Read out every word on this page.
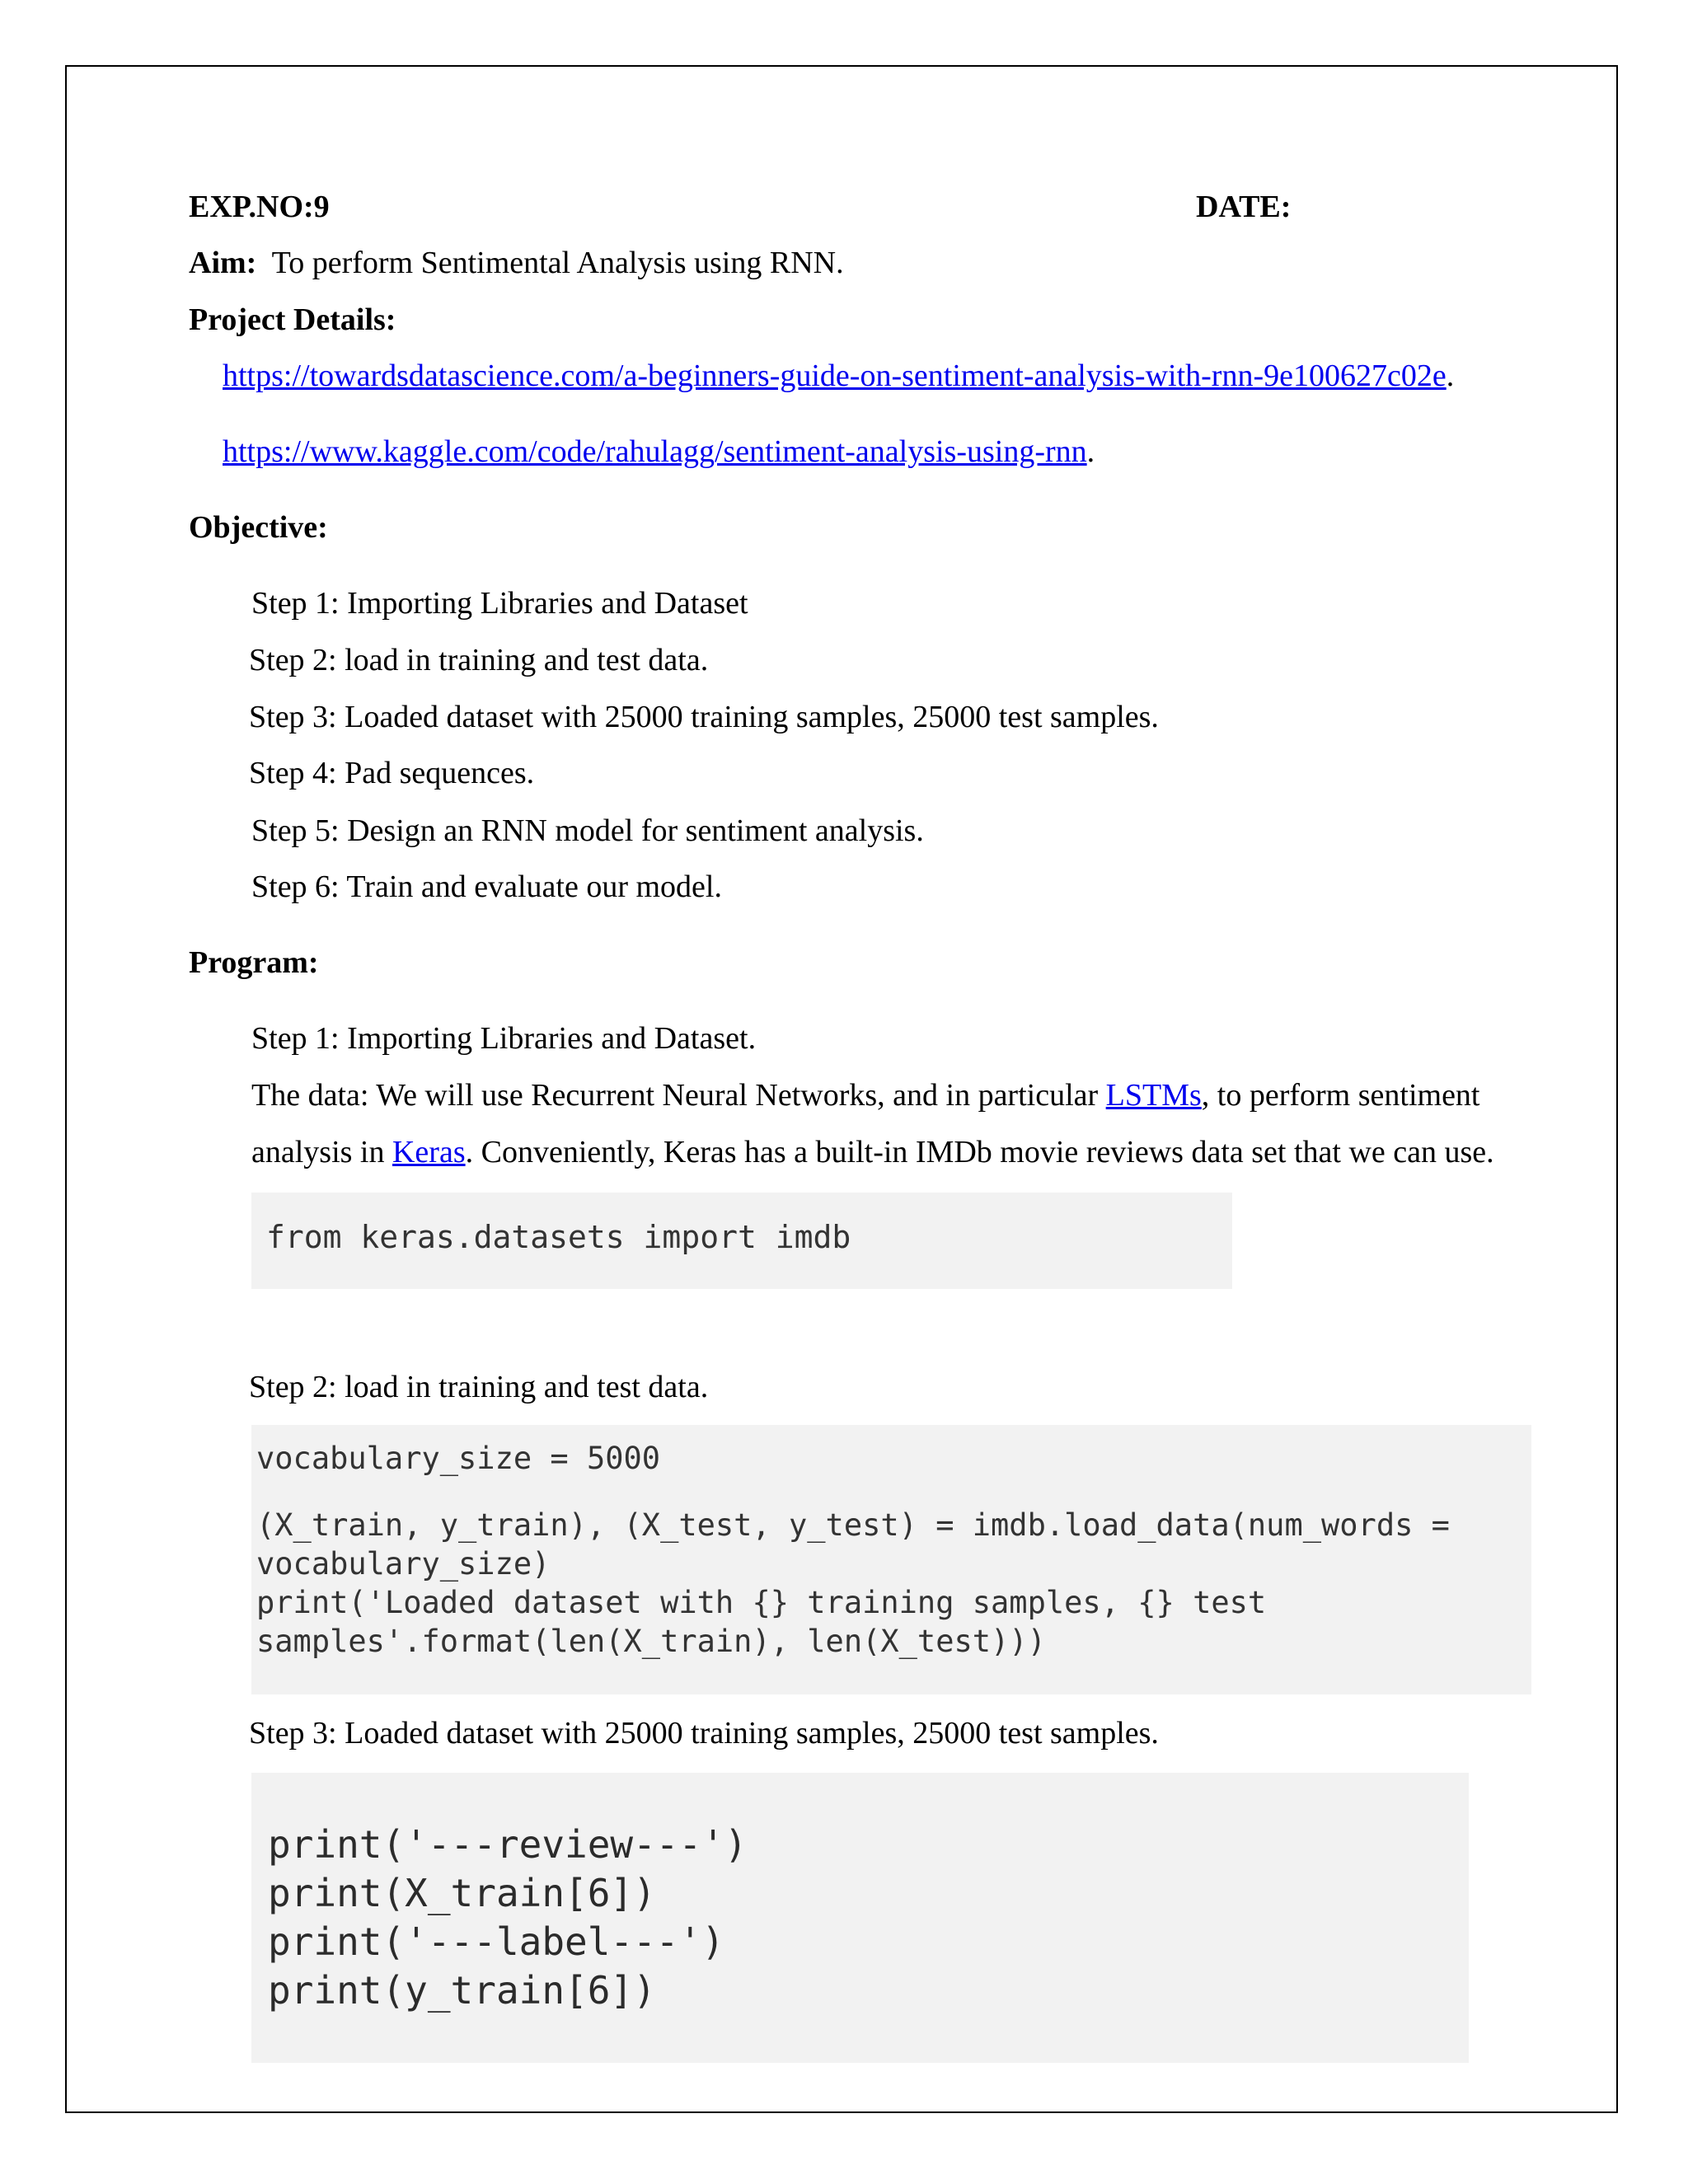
EXP.NO:9	DATE:
Aim: To perform Sentimental Analysis using RNN.
Project Details:
https://towardsdatascience.com/a-beginners-guide-on-sentiment-analysis-with-rnn-9e100627c02e.
https://www.kaggle.com/code/rahulagg/sentiment-analysis-using-rnn.
Objective:
Step 1: Importing Libraries and Dataset
Step 2: load in training and test data.
Step 3: Loaded dataset with 25000 training samples, 25000 test samples.
Step 4: Pad sequences.
Step 5: Design an RNN model for sentiment analysis.
Step 6: Train and evaluate our model.
Program:
Step 1: Importing Libraries and Dataset.
The data: We will use Recurrent Neural Networks, and in particular LSTMs, to perform sentiment
analysis in Keras. Conveniently, Keras has a built-in IMDb movie reviews data set that we can use.
from keras.datasets import imdb
Step 2: load in training and test data.
vocabulary_size = 5000
(X_train, y_train), (X_test, y_test) = imdb.load_data(num_words =
vocabulary_size)
print('Loaded dataset with {} training samples, {} test
samples'.format(len(X_train), len(X_test)))
Step 3: Loaded dataset with 25000 training samples, 25000 test samples.
print('---review---')
print(X_train[6])
print('---label---')
print(y_train[6])
